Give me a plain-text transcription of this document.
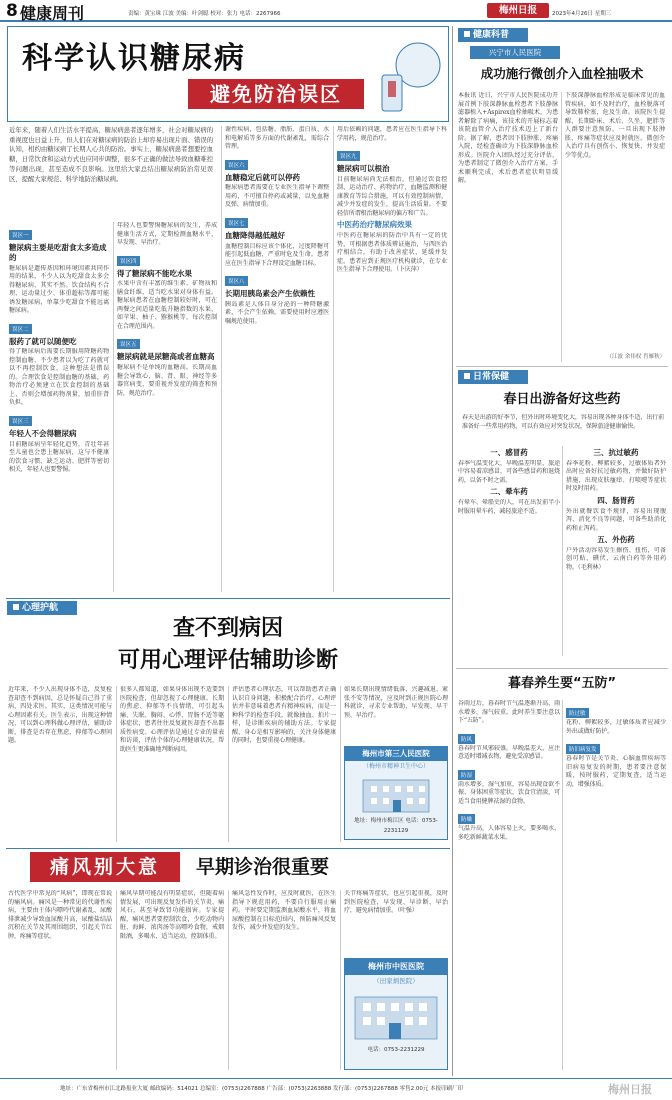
8 健康周刊	责编：黄宝珠 江波 美编：叶剑聪 校对：张力 电话：2267966	梅州日报	2023年4月26日 星期三
科学认识糖尿病
避免防治误区
近年来，随着人们生活水平提高，糖尿病患者逐年增多，社会对糖尿病的重视度也日益上升，但人们在对糖尿病的防治上却容易出现片面、错误的认知，相约由糖尿病了长期人心共的防治。事实上，糖尿病患者想要控血糖，日常饮食和运动方式也应同步调整，很多不正确的做法导致血糖难控等问题出现，甚至造成不良影响。这里给大家总结出糖尿病防治常见误区，提醒大家规范、科学地防治糖尿病。
误区一
糖尿病主要是吃甜食太多造成的
糖尿病是遗传基因和环境因素共同作用的结果，不少人以为吃甜食太多会得糖尿病，其实不然。饮食结构不合理、运动量过少、体重超标等都可能诱发糖尿病，单靠少吃甜食不能远离糖尿病。
误区二
服药了就可以随便吃
得了糖尿病后需要长期服用降糖药物控制血糖，不少患者以为吃了药就可以不再控制饮食，这种想法是错误的。合理饮食是控制血糖的基础，药物治疗必须建立在饮食控制的基础上，否则会增加药物剂量，加重肝肾负担。
误区三
年轻人不会得糖尿病
目前糖尿病呈年轻化趋势，青壮年甚至儿童也会患上糖尿病，这与不健康的饮食习惯、缺乏运动、肥胖等密切相关，年轻人也要警惕。
年轻人也要警惕糖尿病的发生，养成健康生活方式，定期检测血糖水平，早发现、早治疗。
误区四
得了糖尿病不能吃水果
水果中含有丰富的维生素、矿物质和膳食纤维，适当吃水果对身体有益。糖尿病患者在血糖控制较好时，可在两餐之间适量吃低升糖指数的水果，如苹果、柚子、猕猴桃等，每次控制在合理范围内。
误区五
糖尿病就是尿糖高或者血糖高
糖尿病不是单纯的血糖高，长期高血糖会导致心、脑、肾、眼、神经等多器官病变，要重视并发症的筛查和预防，规范治疗。
谢性疾病，包括糖、脂肪、蛋白质、水和电解质等多方面的代谢紊乱，需综合管理。
误区六
血糖稳定后就可以停药
糖尿病患者需要在专业医生指导下调整用药，不可擅自停药或减量，以免血糖反弹、病情加重。
误区七
血糖降得越低越好
血糖控制目标应该个体化，过度降糖可能引起低血糖，严重时危及生命。患者应在医生指导下合理设定血糖目标。
误区八
长期用胰岛素会产生依赖性
胰岛素是人体自身分泌的一种降糖激素，不会产生依赖，需要使用时应遵医嘱规范使用。
用后依赖的问题，患者应在医生指导下科学用药，规范治疗。
误区九
糖尿病可以根治
目前糖尿病尚无法根治，但通过饮食控制、运动治疗、药物治疗、血糖监测和健康教育等综合措施，可以有效控制病情，减少并发症的发生，提高生活质量。不要轻信所谓根治糖尿病的偏方和广告。
中医药治疗糖尿病效果
中医药在糖尿病的防治中具有一定的优势，可根据患者体质辨证施治，与西医治疗相结合，有助于改善症状、延缓并发症。患者应到正规医疗机构就诊，在专业医生指导下合理使用。（卜庆萍）
健康科普
兴宁市人民医院
成功施行微创介入血栓抽吸术
本报讯 近日，兴宁市人民医院成功开展首例下肢深静脉血栓患者下肢静脉滤器植入+Aspirex血栓抽吸术，为患者解除了病痛，该技术的开展标志着该院血管介入治疗技术迈上了新台阶。据了解，患者因下肢肿胀、疼痛入院，经检查确诊为下肢深静脉血栓形成。医院介入团队经过充分评估，为患者制定了微创介入治疗方案，手术顺利完成，术后患者症状明显缓解。
下肢深静脉血栓形成是临床常见的血管疾病，如不及时治疗，血栓脱落可导致肺栓塞，危及生命。该院医生提醒，长期卧床、术后、久坐、肥胖等人群要注意预防，一旦出现下肢肿胀、疼痛等症状应及时就医。微创介入治疗具有创伤小、恢复快、并发症少等优点。
（江波 余伟权 肖雁秋）
日常保健
春日出游备好这些药
春天是出游的好季节，但外出时环境变化大，容易出现各种身体不适，出行前准备好一些常用药物，可以有效应对突发状况，保障旅途健康愉快。
一、感冒药
春季气温变化大，早晚温差明显，旅途中容易着凉感冒，可备些感冒药和退烧药，以备不时之需。
二、晕车药
有晕车、晕船史的人，可在出发前半小时服用晕车药，减轻旅途不适。
三、抗过敏药
春季花粉、柳絮较多，过敏体质者外出时应备好抗过敏药物，并做好防护措施，出现皮肤瘙痒、打喷嚏等症状时及时用药。
四、肠胃药
外出就餐饮食不规律，容易出现腹泻、消化不良等问题，可备些助消化药和止泻药。
五、外伤药
户外活动容易发生擦伤、扭伤，可备创可贴、碘伏、云南白药等外用药物。（毛利林）
暮春养生要“五防”
谷雨过后，暮春时节气温逐渐升高，雨水增多，湿气较重。此时养生要注意以下“五防”。
防风
暮春时节风邪较盛，早晚温差大，应注意适时增减衣物，避免受凉感冒。
防湿
雨水增多，湿气加重，容易出现食欲不振、身体困重等症状，饮食宜清淡，可适当食用健脾祛湿的食物。
防燥
气温升高，人体容易上火，要多喝水，多吃新鲜蔬菜水果。
防过敏
花粉、柳絮较多，过敏体质者应减少外出或做好防护。
防旧病复发
暮春时节是关节炎、心脑血管疾病等旧病易复发的时期，患者要注意保暖，按时服药，定期复查，适当运动，增强体质。
心理护航
查不到病因
可用心理评估辅助诊断
近年来，不少人出现身体不适，反复检查却查不到病因，总是怀疑自己得了重病，四处求医。其实，这类情况可能与心理因素有关。医生表示，出现这种情况，可以到心理科做心理评估，辅助诊断，排查是否存在焦虑、抑郁等心理问题。
很多人都知道，如果身体出现不适要到医院检查，但却忽视了心理健康。长期的焦虑、抑郁等不良情绪，可引起头痛、失眠、胸闷、心悸、胃肠不适等躯体症状，患者往往反复就医却查不出器质性病变。心理评估是通过专业的量表和访谈，评估个体的心理健康状况，帮助医生更准确地判断病因。
评估患者心理状态，可以帮助患者正确认识自身问题，积极配合治疗。心理评估并非意味着患者有精神疾病，而是一种科学的检查手段，就像抽血、拍片一样，是诊断疾病的辅助方法。专家提醒，身心是相互影响的，关注身体健康的同时，也要重视心理健康。
如果长期出现情绪低落、兴趣减退、紧张不安等情况，应及时到正规医院心理科就诊，寻求专业帮助，早发现、早干预、早治疗。
梅州市第三人民医院
（梅州市精神卫生中心）
地址：梅州市梅江区 电话：0753-2231129
痛风别大意	早期诊治很重要
古代医学中常见的“风病”，即现在常说的痛风病。痛风是一种常见的代谢性疾病，主要由于体内嘌呤代谢紊乱、尿酸排泄减少导致血尿酸升高，尿酸盐结晶沉积在关节及其周围组织，引起关节红肿、疼痛等症状。
痛风早期可能没有明显症状，但随着病情发展，可出现反复发作的关节炎、痛风石，甚至导致肾功能损害。专家提醒，痛风患者要控制饮食，少吃动物内脏、海鲜、浓肉汤等高嘌呤食物，戒烟限酒，多喝水，适当运动，控制体重。
痛风急性发作时，应及时就医，在医生指导下规范用药，不要自行服用止痛药。平时要定期监测血尿酸水平，将血尿酸控制在目标范围内，预防痛风反复发作，减少并发症的发生。
关节疼痛等症状，也应引起重视，及时到医院检查，早发现、早诊断、早治疗，避免病情加重。（叶强）
梅州市中医医院
（田家炳医院）
电话：0753-2231229
地址：广东省梅州市江北路报业大厦 邮政编码：514021 总编室：(0753)2267888 广告部：(0753)2263888 发行部：(0753)2267888 零售2.00元 本报印刷厂印	梅州日报
